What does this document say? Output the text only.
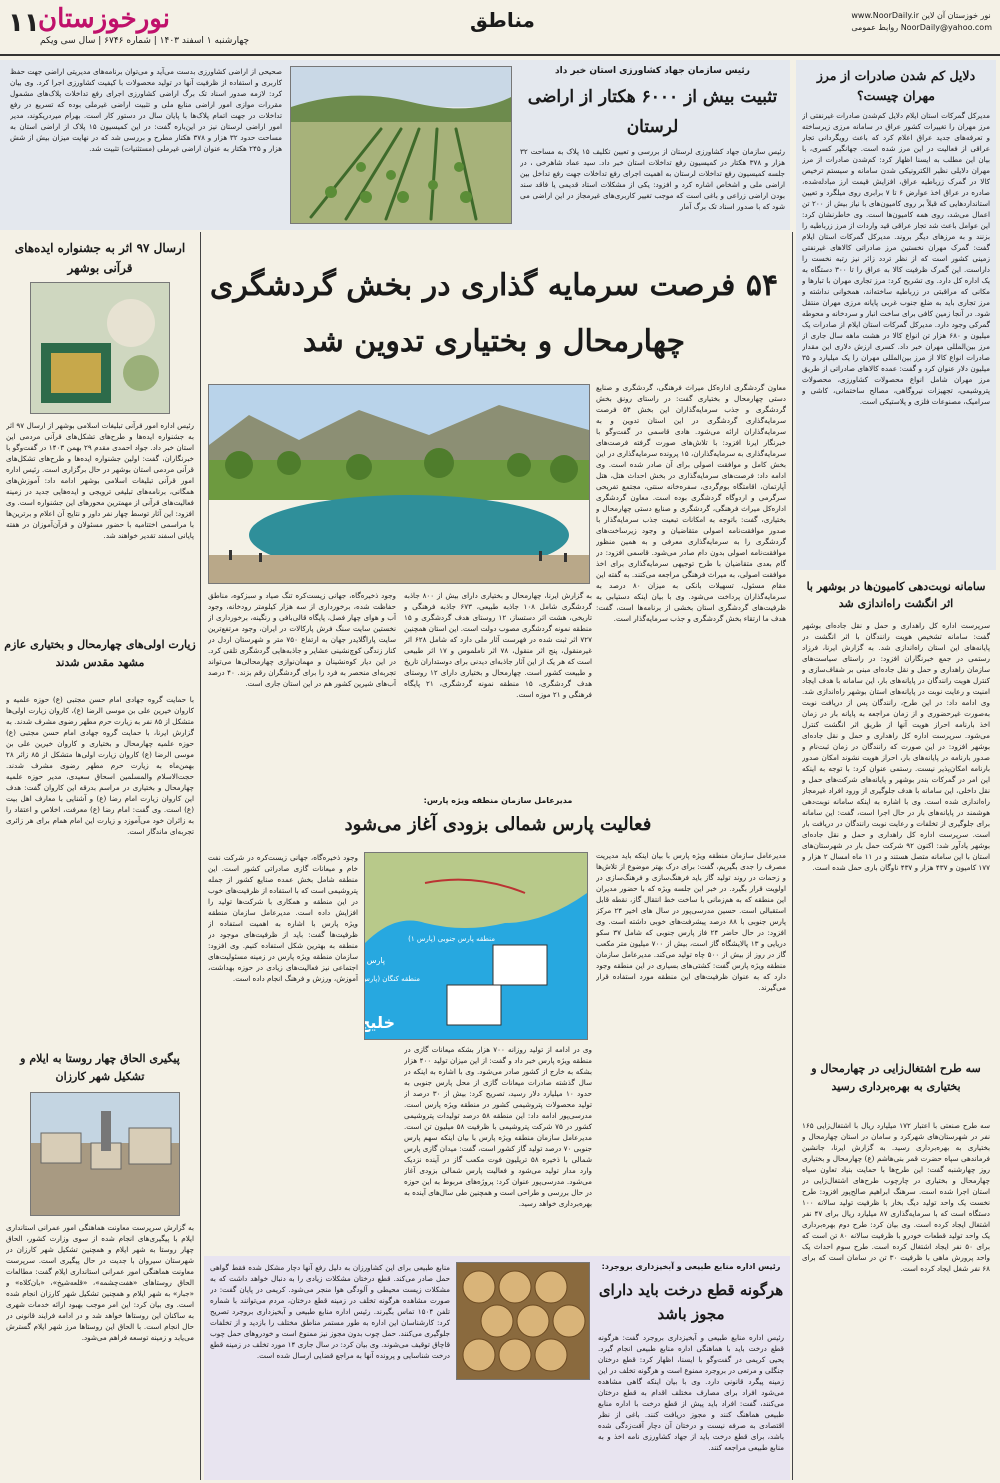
۱۱
نورخوزستان
چهارشنبه ۱ اسفند ۱۴۰۳ | شماره ۶۷۴۶ | سال سی ویکم
مناطق	www.NoorDaily.ir نور خوزستان آن لاین
روابط عمومی NoorDaily@yahoo.com
رئیس سازمان جهاد کشاورزی استان خبر داد
تثبیت بیش از ۶۰۰۰ هکتار از اراضی لرستان
رئیس سازمان جهاد کشاورزی لرستان از بررسی و تعیین تکلیف ۱۵ پلاک به مساحت ۳۲ هزار و ۳۷۸ هکتار در کمیسیون رفع تداخلات استان خبر داد. سید عماد شاهرخی ، در جلسه کمیسیون رفع تداخلات لرستان به اهمیت اجرای رفع تداخلات جهت رفع تداخل بین اراضی ملی و اشخاص اشاره کرد و افزود: یکی از مشکلات استاد قدیمی یا فاقد سند بودن اراضی زراعی و باغی است که موجب تغییر کاربری‌های غیرمجاز در این اراضی می شود که با صدور اسناد تک برگ آمار
صحیحی از اراضی کشاورزی بدست می‌آید و می‌توان برنامه‌های مدیریتی اراضی جهت حفظ کاربری و استفاده از ظرفیت آنها در تولید محصولات با کیفیت کشاورزی اجرا کرد. وی بیان کرد: لازمه صدور اسناد تک برگ اراضی کشاورزی اجرای رفع تداخلات پلاک‌های مشمول مقررات موازی امور اراضی منابع ملی و تثبیت اراضی غیرملی بوده که تسریع در رفع تداخلات در جهت اتمام پلاک‌ها با پایان سال در دستور کار است. بهرام میردریکوند، مدیر امور اراضی لرستان نیز در این‌باره گفت: در این کمیسیون ۱۵ پلاک از اراضی استان به مساحت حدود ۳۲ هزار و ۳۷۸ هکتار مطرح و بررسی شد که در نهایت میزان بیش از شش هزار و ۲۴۵ هکتار به عنوان اراضی غیرملی (مستثنیات) تثبیت شد.
دلایل کم شدن صادرات از مرز مهران چیست؟
مدیرکل گمرکات استان ایلام دلایل کم‌شدن صادرات غیرنفتی از مرز مهران را تغییرات کشور عراق در سامانه مرزی زیرساخته و تعرفه‌های جدید عراق اعلام کرد که باعث رویگردانی تجار عراقی از فعالیت در این مرز شده است. جهانگیر کسری، با بیان این مطلب به ایسنا اظهار کرد: کم‌شدن صادرات از مرز مهران دلایلی نظیر الکترونیکی شدن سامانه و سیستم ترخیص کالا در گمرک زرباطیه عراق، افزایش قیمت ارز مبادله‌شده، صادره در عراق اخذ عوارض ۶ تا ۷ برابری روی میلگرد و تعیین استانداردهایی که قبلاً بر روی کامیون‌های با نیاز بیش از ۲۰۰ تن اعمال می‌شد، روی همه کامیون‌ها است. وی خاطرنشان کرد: این عوامل باعث شد تجار عراقی قید واردات از مرز زرباطیه را بزنند و به مرزهای دیگر بروند. مدیرکل گمرکات استان ایلام گفت: گمرک مهران نخستین مرز صادراتی کالاهای غیرنفتی زمینی کشور است که از نظر تردد زائر نیز رتبه نخست را داراست. این گمرک ظرفیت کالا به عراق را تا ۳۰۰ دستگاه به یک اداره کل دارد. وی تشریح کرد: مرز تجاری مهران با تبارها و مکانی که مراقبتی در زرباطیه ساخته‌اند، همخوانی نداشته و مرز تجاری باید به ضلع جنوب غربی پایانه مرزی مهران منتقل شود. در آنجا زمین کافی برای ساخت انبار و سردخانه و محوطه گمرکی وجود دارد. مدیرکل گمرکات استان ایلام از صادرات یک میلیون و ۶۸۰ هزار تن انواع کالا در هشت ماهه سال جاری از مرز بین‌المللی مهران خبر داد. کسری ارزش دلاری این مقدار صادرات انواع کالا از مرز بین‌المللی مهران را یک میلیارد و ۳۵ میلیون دلار عنوان کرد و گفت: عمده کالاهای صادراتی از طریق مرز مهران شامل انواع محصولات کشاورزی، محصولات پتروشیمی، تجهیزات نیروگاهی، مصالح ساختمانی، کاشی و سرامیک، مصنوعات فلزی و پلاستیکی است.
سامانه نوبت‌دهی کامیون‌ها در بوشهر با اثر انگشت راه‌اندازی شد
سرپرست اداره کل راهداری و حمل و نقل جاده‌ای بوشهر گفت: سامانه تشخیص هویت رانندگان با اثر انگشت در پایانه‌های این استان راه‌اندازی شد. به گزارش ایرنا، فرزاد رستمی در جمع خبرنگاران افزود: در راستای سیاست‌های سازمان راهداری و حمل و نقل جاده‌ای مبنی بر شفاف‌سازی و کنترل هویت رانندگان در پایانه‌های بار، این سامانه با هدف ایجاد امنیت و رعایت نوبت در پایانه‌های استان بوشهر راه‌اندازی شد. وی ادامه داد: در این طرح، رانندگان پس از دریافت نوبت به‌صورت غیرحضوری و از زمان مراجعه به پایانه بار در زمان اخذ بارنامه احراز هویت آنها از طریق اثر انگشت کنترل می‌شود. سرپرست اداره کل راهداری و حمل و نقل جاده‌ای بوشهر افزود: در این صورت که رانندگان در زمان ثبت‌نام و صدور بارنامه در پایانه‌های بار، احراز هویت نشوند امکان صدور بارنامه امکان‌پذیر نیست. رستمی عنوان کرد: با توجه به اینکه این امر در گمرکات بندر بوشهر و پایانه‌های شرکت‌های حمل و نقل داخلی، این سامانه با هدف جلوگیری از ورود افراد غیرمجاز راه‌اندازی شده است. وی با اشاره به اینکه سامانه نوبت‌دهی هوشمند در پایانه‌های بار در حال اجرا است، گفت: این سامانه برای جلوگیری از تخلفات و رعایت نوبت رانندگان در دریافت بار است. سرپرست اداره کل راهداری و حمل و نقل جاده‌ای بوشهر یادآور شد: اکنون ۹۲ شرکت حمل بار در شهرستان‌های استان با این سامانه متصل هستند و در ۱۱ ماه امسال ۲ هزار و ۱۷۷ کامیون و ۴۳۷ هزار و ۴۳۷ ناوگان باری حمل شده است.
سه طرح اشتغال‌زایی در چهارمحال و بختیاری به بهره‌برداری رسید
سه طرح صنعتی با اعتبار ۱۷۲ میلیارد ریال با اشتغال‌زایی ۱۶۵ نفر در شهرستان‌های شهرکرد و سامان در استان چهارمحال و بختیاری به بهره‌برداری رسید. به گزارش ایرنا، جانشین فرماندهی سپاه حضرت قمر بنی‌هاشم (ع) چهارمحال و بختیاری روز چهارشنبه گفت: این طرح‌ها با حمایت بنیاد تعاون سپاه چهارمحال و بختیاری در چارچوب طرح‌های اشتغال‌زایی در استان اجرا شده است. سرهنگ ابراهیم صالح‌پور افزود: طرح نخست یک واحد تولید دیگ بخار با ظرفیت تولید سالانه ۱۰۰ دستگاه است که با سرمایه‌گذاری ۸۷ میلیارد ریال برای ۴۷ نفر اشتغال ایجاد کرده است. وی بیان کرد: طرح دوم بهره‌برداری یک واحد تولید قطعات خودرو با ظرفیت سالانه ۸۰ تن است که برای ۵۰ نفر ایجاد اشتغال کرده است. طرح سوم احداث یک واحد پرورش ماهی با ظرفیت ۳۰ تن در سامان است که برای ۶۸ نفر شغل ایجاد کرده است.
۵۴ فرصت سرمایه‌ گذاری در بخش گردشگری
چهارمحال و بختیاری تدوین شد
معاون گردشگری اداره‌کل میراث فرهنگی، گردشگری و صنایع دستی چهارمحال و بختیاری گفت: در راستای رونق بخش گردشگری و جذب سرمایه‌گذاران این بخش ۵۴ فرصت سرمایه‌گذاری گردشگری در این استان تدوین و به سرمایه‌گذاران ارائه می‌شود. هادی قاسمی در گفت‌وگو با خبرنگار ایرنا افزود: با تلاش‌های صورت گرفته فرصت‌های سرمایه‌گذاری به سرمایه‌گذاران، ۱۵ پرونده سرمایه‌گذاری در این بخش کامل و موافقت اصولی برای آن صادر شده است. وی ادامه داد: فرصت‌های سرمایه‌گذاری در بخش احداث هتل، هتل آپارتمان، اقامتگاه بوم‌گردی، سفره‌خانه سنتی، مجتمع تفریحی سرگرمی و اردوگاه گردشگری بوده است. معاون گردشگری اداره‌کل میراث فرهنگی، گردشگری و صنایع دستی چهارمحال و بختیاری، گفت: باتوجه به امکانات تبعیت جذب سرمایه‌گذار با صدور موافقت‌نامه اصولی متقاضیان و وجود زیرساخت‌های گردشگری را به سرمایه‌گذاری معرفی و به همین منظور موافقت‌نامه اصولی بدون دام صادر می‌شود. قاسمی افزود: در گام بعدی متقاضیان با طرح توجیهی سرمایه‌گذاری برای اخذ موافقت اصولی، به میراث فرهنگی مراجعه می‌کنند. به گفته این مقام مسئول، تسهیلات بانکی به میزان ۸۰ درصد به سرمایه‌گذاران پرداخت می‌شود. وی با بیان اینکه دستیابی به ظرفیت‌های گردشگری استان بخشی از برنامه‌ها است، گفت: هدف ما ارتقاء بخش گردشگری و جذب سرمایه‌گذار است.
به گزارش ایرنا، چهارمحال و بختیاری دارای بیش از ۸۰۰ جاذبه گردشگری شامل ۱۰۸ جاذبه طبیعی، ۶۷۳ جاذبه فرهنگی و تاریخی، هشت اثر دستساز، ۱۲ روستای هدف گردشگری و ۱۵ منطقه نمونه گردشگری مصوب دولت است. این استان همچنین ۷۲۷ اثر ثبت شده در فهرست آثار ملی دارد که شامل ۶۲۸ اثر غیرمنقول، پنج اثر منقول، ۷۸ اثر ناملموس و ۱۷ اثر طبیعی است که هر یک از این آثار جاذبه‌ای دیدنی برای دوستداران تاریخ و طبیعت کشور است. چهارمحال و بختیاری دارای ۱۲ روستای هدف گردشگری، ۱۵ منطقه نمونه گردشگری، ۲۱ پایگاه فرهنگی و ۲۱ موزه است.
وجود ذخیره‌گاه، جهانی زیست‌کره تنگ صیاد و سبزکوه، مناطق حفاظت شده، برخورداری از سه هزار کیلومتر رودخانه، وجود آب و هوای چهار فصل، پایگاه قالی‌بافی و رنگینه، برخورداری از نخستین سایت سنگ فرش پارکالات در ایران، وجود مرتفع‌ترین سایت پاراگلایدر جهان به ارتفاع ۷۵۰ متر و شهرستان اردل در کنار زندگی کوچ‌نشینی عشایر و جاذبه‌هایی گردشگری تلقی کرد. در این دیار کوه‌نشینان و مهمان‌نوازی چهارمحالی‌ها می‌تواند تجربه‌ای منحصر به فرد را برای گردشگران رقم بزند. ۴۰ درصد آب‌های شیرین کشور هم در این استان جاری است.
مدیرعامل سازمان منطقه ویژه پارس:
فعالیت پارس شمالی بزودی آغاز می‌شود
مدیرعامل سازمان منطقه ویژه پارس با بیان اینکه باید مدیریت مصرف را جدی بگیریم، گفت: برای درک بهتر موضوع از تلاش‌ها و زحمات در روند تولید گاز باید فرهنگ‌سازی و فرهنگ‌سازی در اولویت قرار بگیرد. در خبر این جلسه ویژه که با حضور مدیران این منطقه که به هم‌زمانی با ساخت خط انتقال گاز، نقطه قابل استقبالی است. حسین مدرسی‌پور در سال های اخیر ۲۴ مرکز پارس جنوبی با ۸۸ درصد پیشرفت‌های خوبی داشته است. وی افزود: در حال حاضر ۲۴ فاز پارس جنوبی که شامل ۳۷ سکو دریایی و ۱۳ پالایشگاه گاز است، بیش از ۷۰۰ میلیون متر مکعب گاز در روز از بیش از ۵۰۰ چاه تولید می‌کند. مدیرعامل سازمان منطقه ویژه پارس گفت: کشتی‌های بسیاری در این منطقه وجود دارد که به عنوان ظرفیت‌های این منطقه مورد استفاده قرار می‌گیرند.
پارس
منطقه کنگان (پارس
منطقه پارس جنوبی (پارس ۱)
خلی
وی در ادامه از تولید روزانه ۷۰۰ هزار بشکه میعانات گازی در منطقه ویژه پارس خبر داد و گفت: از این میزان تولید ۴۰۰ هزار بشکه به خارج از کشور صادر می‌شود. وی با اشاره به اینکه در سال گذشته صادرات میعانات گازی از محل پارس جنوبی به حدود ۱۰ میلیارد دلار رسید، تصریح کرد: بیش از ۳۰ درصد از تولید محصولات پتروشیمی کشور در منطقه ویژه پارس است. مدرسی‌پور ادامه داد: این منطقه ۵۸ درصد تولیدات پتروشیمی کشور در ۷۵ شرکت پتروشیمی با ظرفیت ۵۸ میلیون تن است. مدیرعامل سازمان منطقه ویژه پارس با بیان اینکه سهم پارس جنوبی ۷۰ درصد تولید گاز کشور است، گفت: میدان گازی پارس شمالی با ذخیره ۵۸ تریلیون فوت مکعب گاز در آینده نزدیک وارد مدار تولید می‌شود و فعالیت پارس شمالی بزودی آغاز می‌شود. مدرسی‌پور عنوان کرد: پروژه‌های مربوط به این حوزه در حال بررسی و طراحی است و همچنین طی سال‌های آینده به بهره‌برداری خواهد رسید.
وجود ذخیره‌گاه، جهانی زیست‌کره در شرکت نفت خام و میعانات گازی صادراتی کشور است. این منطقه شامل بخش عمده صنایع کشور از جمله پتروشیمی است که با استفاده از ظرفیت‌های خوب در این منطقه و همکاری با شرکت‌ها تولید را افزایش داده است. مدیرعامل سازمان منطقه ویژه پارس با اشاره به اهمیت استفاده از ظرفیت‌ها گفت: باید از ظرفیت‌های موجود در منطقه به بهترین شکل استفاده کنیم. وی افزود: سازمان منطقه ویژه پارس در زمینه مسئولیت‌های اجتماعی نیز فعالیت‌های زیادی در حوزه بهداشت، آموزش، ورزش و فرهنگ انجام داده است.
ارسال ۹۷ اثر به جشنواره ایده‌های قرآنی بوشهر
رئیس اداره امور قرآنی تبلیغات اسلامی بوشهر از ارسال ۹۷ اثر به جشنواره ایده‌ها و طرح‌های تشکل‌های قرآنی مردمی این استان خبر داد. جواد احمدی مقدم ۲۹ بهمن ۱۴۰۳ در گفت‌وگو با خبرنگاران، گفت: اولین جشنواره ایده‌ها و طرح‌های تشکل‌های قرآنی مردمی استان بوشهر در حال برگزاری است. رئیس اداره امور قرآنی تبلیغات اسلامی بوشهر ادامه داد: آموزش‌های همگانی، برنامه‌های تبلیغی ترویجی و ایده‌هایی جدید در زمینه فعالیت‌های قرآنی از مهمترین محورهای این جشنواره است. وی افزود: این آثار توسط چهار نفر داور و نتایج آن اعلام و برترین‌ها با مراسمی اختتامیه با حضور مسئولان و قرآن‌آموزان در هفته پایانی اسفند تقدیر خواهند شد.
زیارت اولی‌های چهارمحال و بختیاری عازم مشهد مقدس شدند
با حمایت گروه جهادی امام حسن مجتبی (ع) حوزه علمیه و کاروان خیرین علی بن موسی الرضا (ع)، کاروان زیارت اولی‌ها متشکل از ۸۵ نفر به زیارت حرم مطهر رضوی مشرف شدند. به گزارش ایرنا، با حمایت گروه جهادی امام حسن مجتبی (ع) حوزه علمیه چهارمحال و بختیاری و کاروان خیرین علی بن موسی الرضا (ع) کاروان زیارت اولی‌ها متشکل از ۸۵ زائر ۲۸ بهمن‌ماه به زیارت حرم مطهر رضوی مشرف شدند. حجت‌الاسلام والمسلمین اسحاق سعیدی، مدیر حوزه علمیه چهارمحال و بختیاری در مراسم بدرقه این کاروان گفت: هدف این کاروان زیارت امام رضا (ع) و آشنایی با معارف اهل بیت (ع) است. وی گفت: امام رضا (ع) معرفت، اخلاص و اعتقاد را به زائران خود می‌آموزد و زیارت این امام همام برای هر زائری تجربه‌ای ماندگار است.
پیگیری الحاق چهار روستا به ایلام و تشکیل شهر کارزان
به گزارش سرپرست معاونت هماهنگی امور عمرانی استانداری ایلام با پیگیری‌های انجام شده از سوی وزارت کشور، الحاق چهار روستا به شهر ایلام و همچنین تشکیل شهر کارزان در شهرستان سیروان با جدیت در حال پیگیری است. سرپرست معاونت هماهنگی امور عمرانی استانداری ایلام گفت: مطالعات الحاق روستاهای «هفت‌چشمه»، «قلعه‌شیخ»، «بان‌کلاه» و «جبار» به شهر ایلام و همچنین تشکیل شهر کارزان انجام شده است. وی بیان کرد: این امر موجب بهبود ارائه خدمات شهری به ساکنان این روستاها خواهد شد و در ادامه فرایند قانونی در حال انجام است. با الحاق این روستاها مرز شهر ایلام گسترش می‌یابد و زمینه توسعه فراهم می‌شود.
رئیس اداره منابع طبیعی و آبخیزداری بروجرد:
هرگونه قطع درخت باید دارای مجوز باشد
رئیس اداره منابع طبیعی و آبخیزداری بروجرد گفت: هرگونه قطع درخت باید با هماهنگی اداره منابع طبیعی انجام گیرد. یحیی کریمی در گفت‌وگو با ایسنا، اظهار کرد: قطع درختان جنگلی و مرتعی در بروجرد ممنوع است و هرگونه تخلف در این زمینه پیگرد قانونی دارد. وی با بیان اینکه گاهی مشاهده می‌شود افراد برای مصارف مختلف اقدام به قطع درختان می‌کنند، گفت: افراد باید پیش از قطع درخت با اداره منابع طبیعی هماهنگ کنند و مجوز دریافت کنند. باغی از نظر اقتصادی به صرفه نیست و درختان آن دچار آفت‌زدگی شده باشد، برای قطع درخت باید از جهاد کشاورزی نامه اخذ و به منابع طبیعی مراجعه کنند.
منابع طبیعی برای این کشاورزان به دلیل رفع آنها دچار مشکل شده فقط گواهی حمل صادر می‌کند. قطع درختان مشکلات زیادی را به دنبال خواهد داشت که به مشکلات زیست محیطی و آلودگی هوا منجر می‌شود. کریمی در پایان گفت: در صورت مشاهده هرگونه تخلف در زمینه قطع درختان، مردم می‌توانند با شماره تلفن ۱۵۰۴ تماس بگیرند. رئیس اداره منابع طبیعی و آبخیزداری بروجرد تصریح کرد: کارشناسان این اداره به طور مستمر مناطق مختلف را بازدید و از تخلفات جلوگیری می‌کنند. حمل چوب بدون مجوز نیز ممنوع است و خودروهای حمل چوب قاچاق توقیف می‌شوند. وی بیان کرد: در سال جاری ۱۴ مورد تخلف در زمینه قطع درخت شناسایی و پرونده آنها به مراجع قضایی ارسال شده است.
